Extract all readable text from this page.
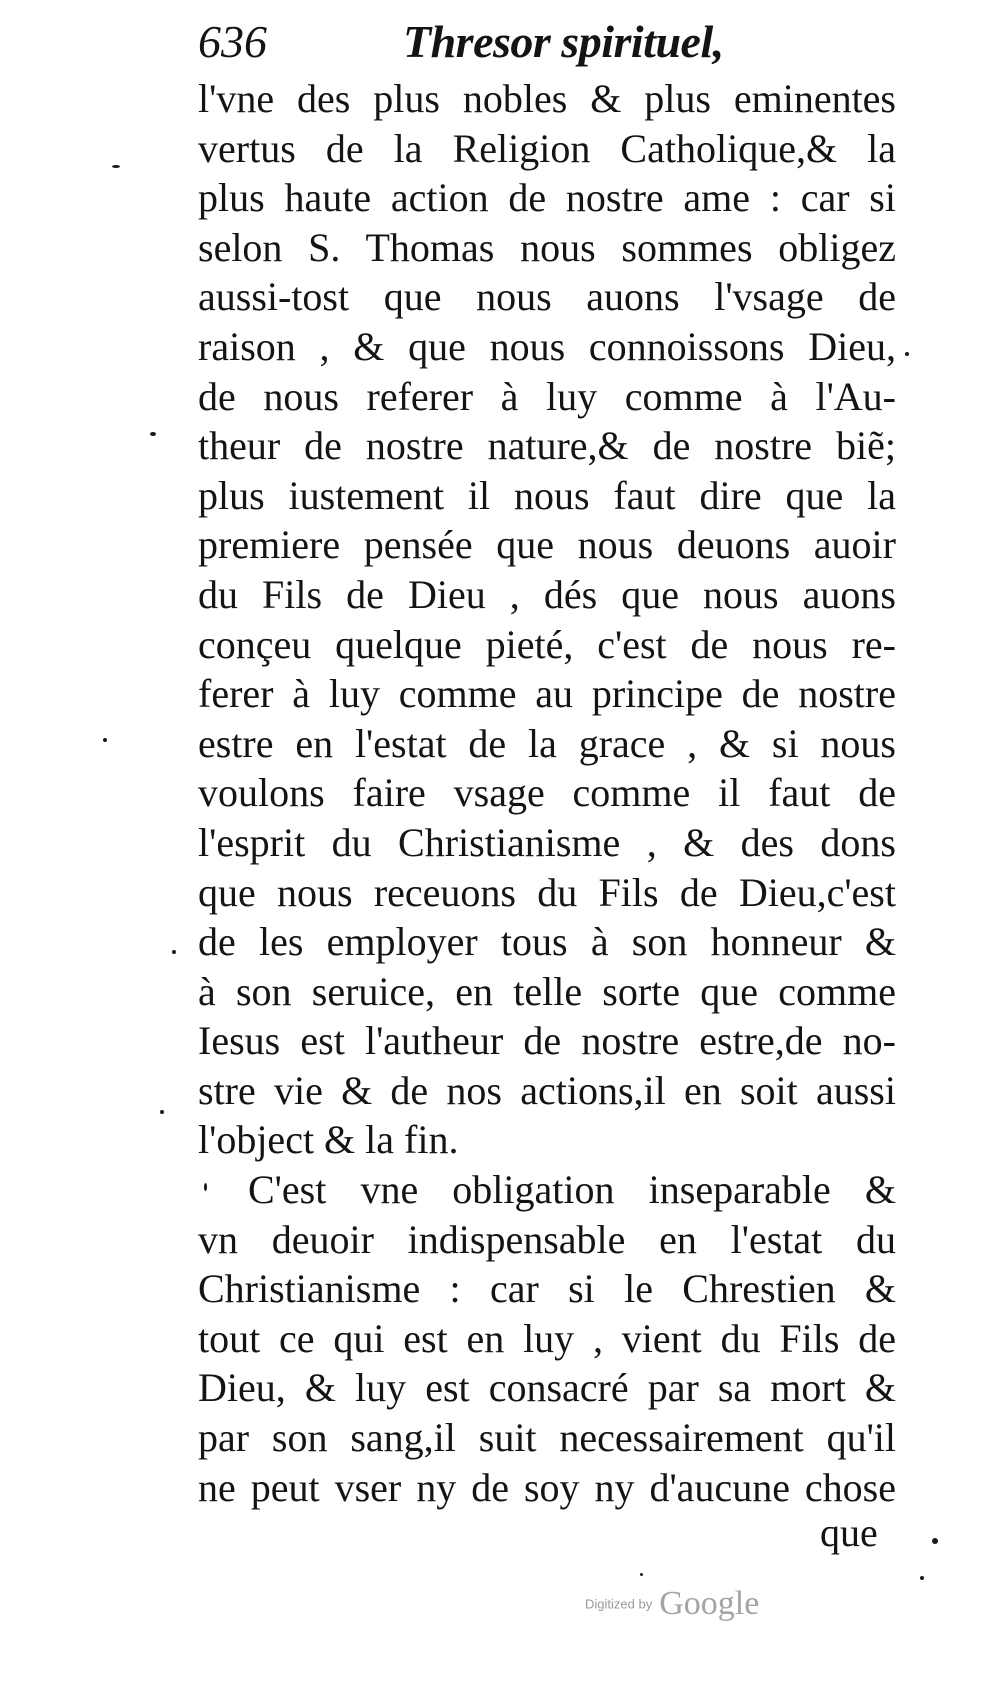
636	Thresor spirituel,
l'vne des plus nobles & plus eminentes
vertus de la Religion Catholique,& la
plus haute action de nostre ame : car si
selon S. Thomas nous sommes obligez
aussi-tost que nous auons l'vsage de
raison , & que nous connoissons Dieu,
de nous referer à luy comme à l'Au-
theur de nostre nature,& de nostre biẽ;
plus iustement il nous faut dire que la
premiere pensée que nous deuons auoir
du Fils de Dieu , dés que nous auons
conçeu quelque pieté, c'est de nous re-
ferer à luy comme au principe de nostre
estre en l'estat de la grace , & si nous
voulons faire vsage comme il faut de
l'esprit du Christianisme , & des dons
que nous receuons du Fils de Dieu,c'est
de les employer tous à son honneur &
à son seruice, en telle sorte que comme
Iesus est l'autheur de nostre estre,de no-
stre vie & de nos actions,il en soit aussi
l'object & la fin.
C'est vne obligation inseparable &
vn deuoir indispensable en l'estat du
Christianisme : car si le Chrestien &
tout ce qui est en luy , vient du Fils de
Dieu, & luy est consacré par sa mort &
par son sang,il suit necessairement qu'il
ne peut vser ny de soy ny d'aucune chose
que
Digitized by Google
